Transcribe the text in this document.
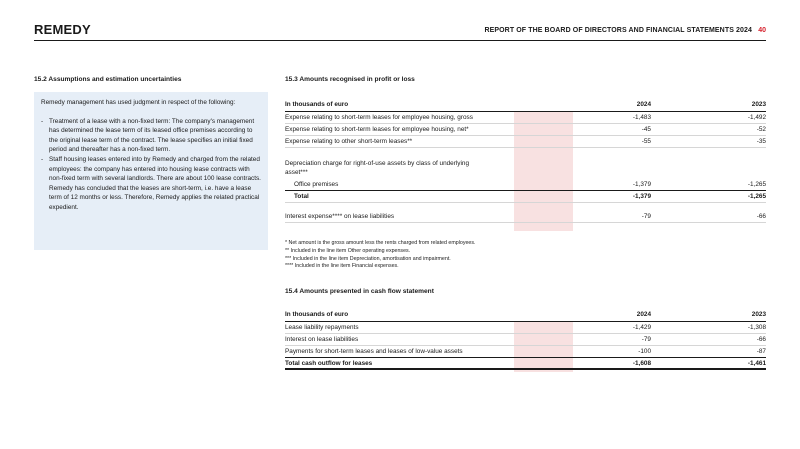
REMEDY	REPORT OF THE BOARD OF DIRECTORS AND FINANCIAL STATEMENTS 2024 40
15.2 Assumptions and estimation uncertainties
Remedy management has used judgment in respect of the following:
- Treatment of a lease with a non-fixed term: The company's management has determined the lease term of its leased office premises according to the original lease term of the contract. The lease specifies an initial fixed period and thereafter has a non-fixed term.
- Staff housing leases entered into by Remedy and charged from the related employees: the company has entered into housing lease contracts with non-fixed term with several landlords. There are about 100 lease contracts. Remedy has concluded that the leases are short-term, i.e. have a lease term of 12 months or less. Therefore, Remedy applies the related practical expedient.
15.3 Amounts recognised in profit or loss
In thousands of euro	2024	2023
Expense relating to short-term leases for employee housing, gross	-1,483	-1,492
Expense relating to short-term leases for employee housing, net*	-45	-52
Expense relating to other short-term leases**	-55	-35
Depreciation charge for right-of-use assets by class of underlying asset***
Office premises	-1,379	-1,265
Total	-1,379	-1,265
Interest expense**** on lease liabilities	-79	-66
* Net amount is the gross amount less the rents charged from related employees.
** Included in the line item Other operating expenses.
*** Included in the line item Depreciation, amortisation and impairment.
**** Included in the line item Financial expenses.
15.4 Amounts presented in cash flow statement
In thousands of euro	2024	2023
Lease liability repayments	-1,429	-1,308
Interest on lease liabilities	-79	-66
Payments for short-term leases and leases of low-value assets	-100	-87
Total cash outflow for leases	-1,608	-1,461
